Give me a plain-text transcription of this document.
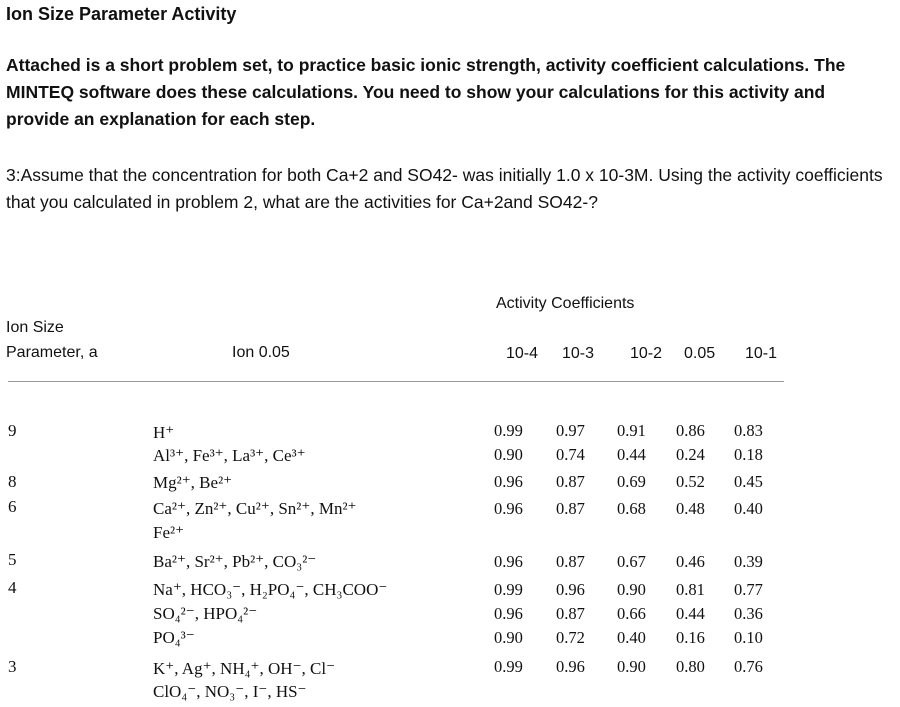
Ion Size Parameter Activity
Attached is a short problem set, to practice basic ionic strength, activity coefficient calculations. The MINTEQ software does these calculations. You need to show your calculations for this activity and provide an explanation for each step.
3:Assume that the concentration for both Ca+2 and SO42- was initially 1.0 x 10-3M. Using the activity coefficients that you calculated in problem 2, what are the activities for Ca+2and SO42-?
Activity Coefficients
Ion Size
Parameter, a	Ion 0.05	10-4 10-3 10-2 0.05 10-1
9
8
6
5
4
3
H⁺
Al³⁺, Fe³⁺, La³⁺, Ce³⁺
Mg²⁺, Be²⁺
Ca²⁺, Zn²⁺, Cu²⁺, Sn²⁺, Mn²⁺
Fe²⁺
Ba²⁺, Sr²⁺, Pb²⁺, CO₃²⁻
Na⁺, HCO₃⁻, H₂PO₄⁻, CH₃COO⁻
SO₄²⁻, HPO₄²⁻
PO₄³⁻
K⁺, Ag⁺, NH₄⁺, OH⁻, Cl⁻
ClO₄⁻, NO₃⁻, I⁻, HS⁻
0.99 0.97 0.91 0.86 0.83
0.90 0.74 0.44 0.24 0.18
0.96 0.87 0.69 0.52 0.45
0.96 0.87 0.68 0.48 0.40
0.96 0.87 0.67 0.46 0.39
0.99 0.96 0.90 0.81 0.77
0.96 0.87 0.66 0.44 0.36
0.90 0.72 0.40 0.16 0.10
0.99 0.96 0.90 0.80 0.76
